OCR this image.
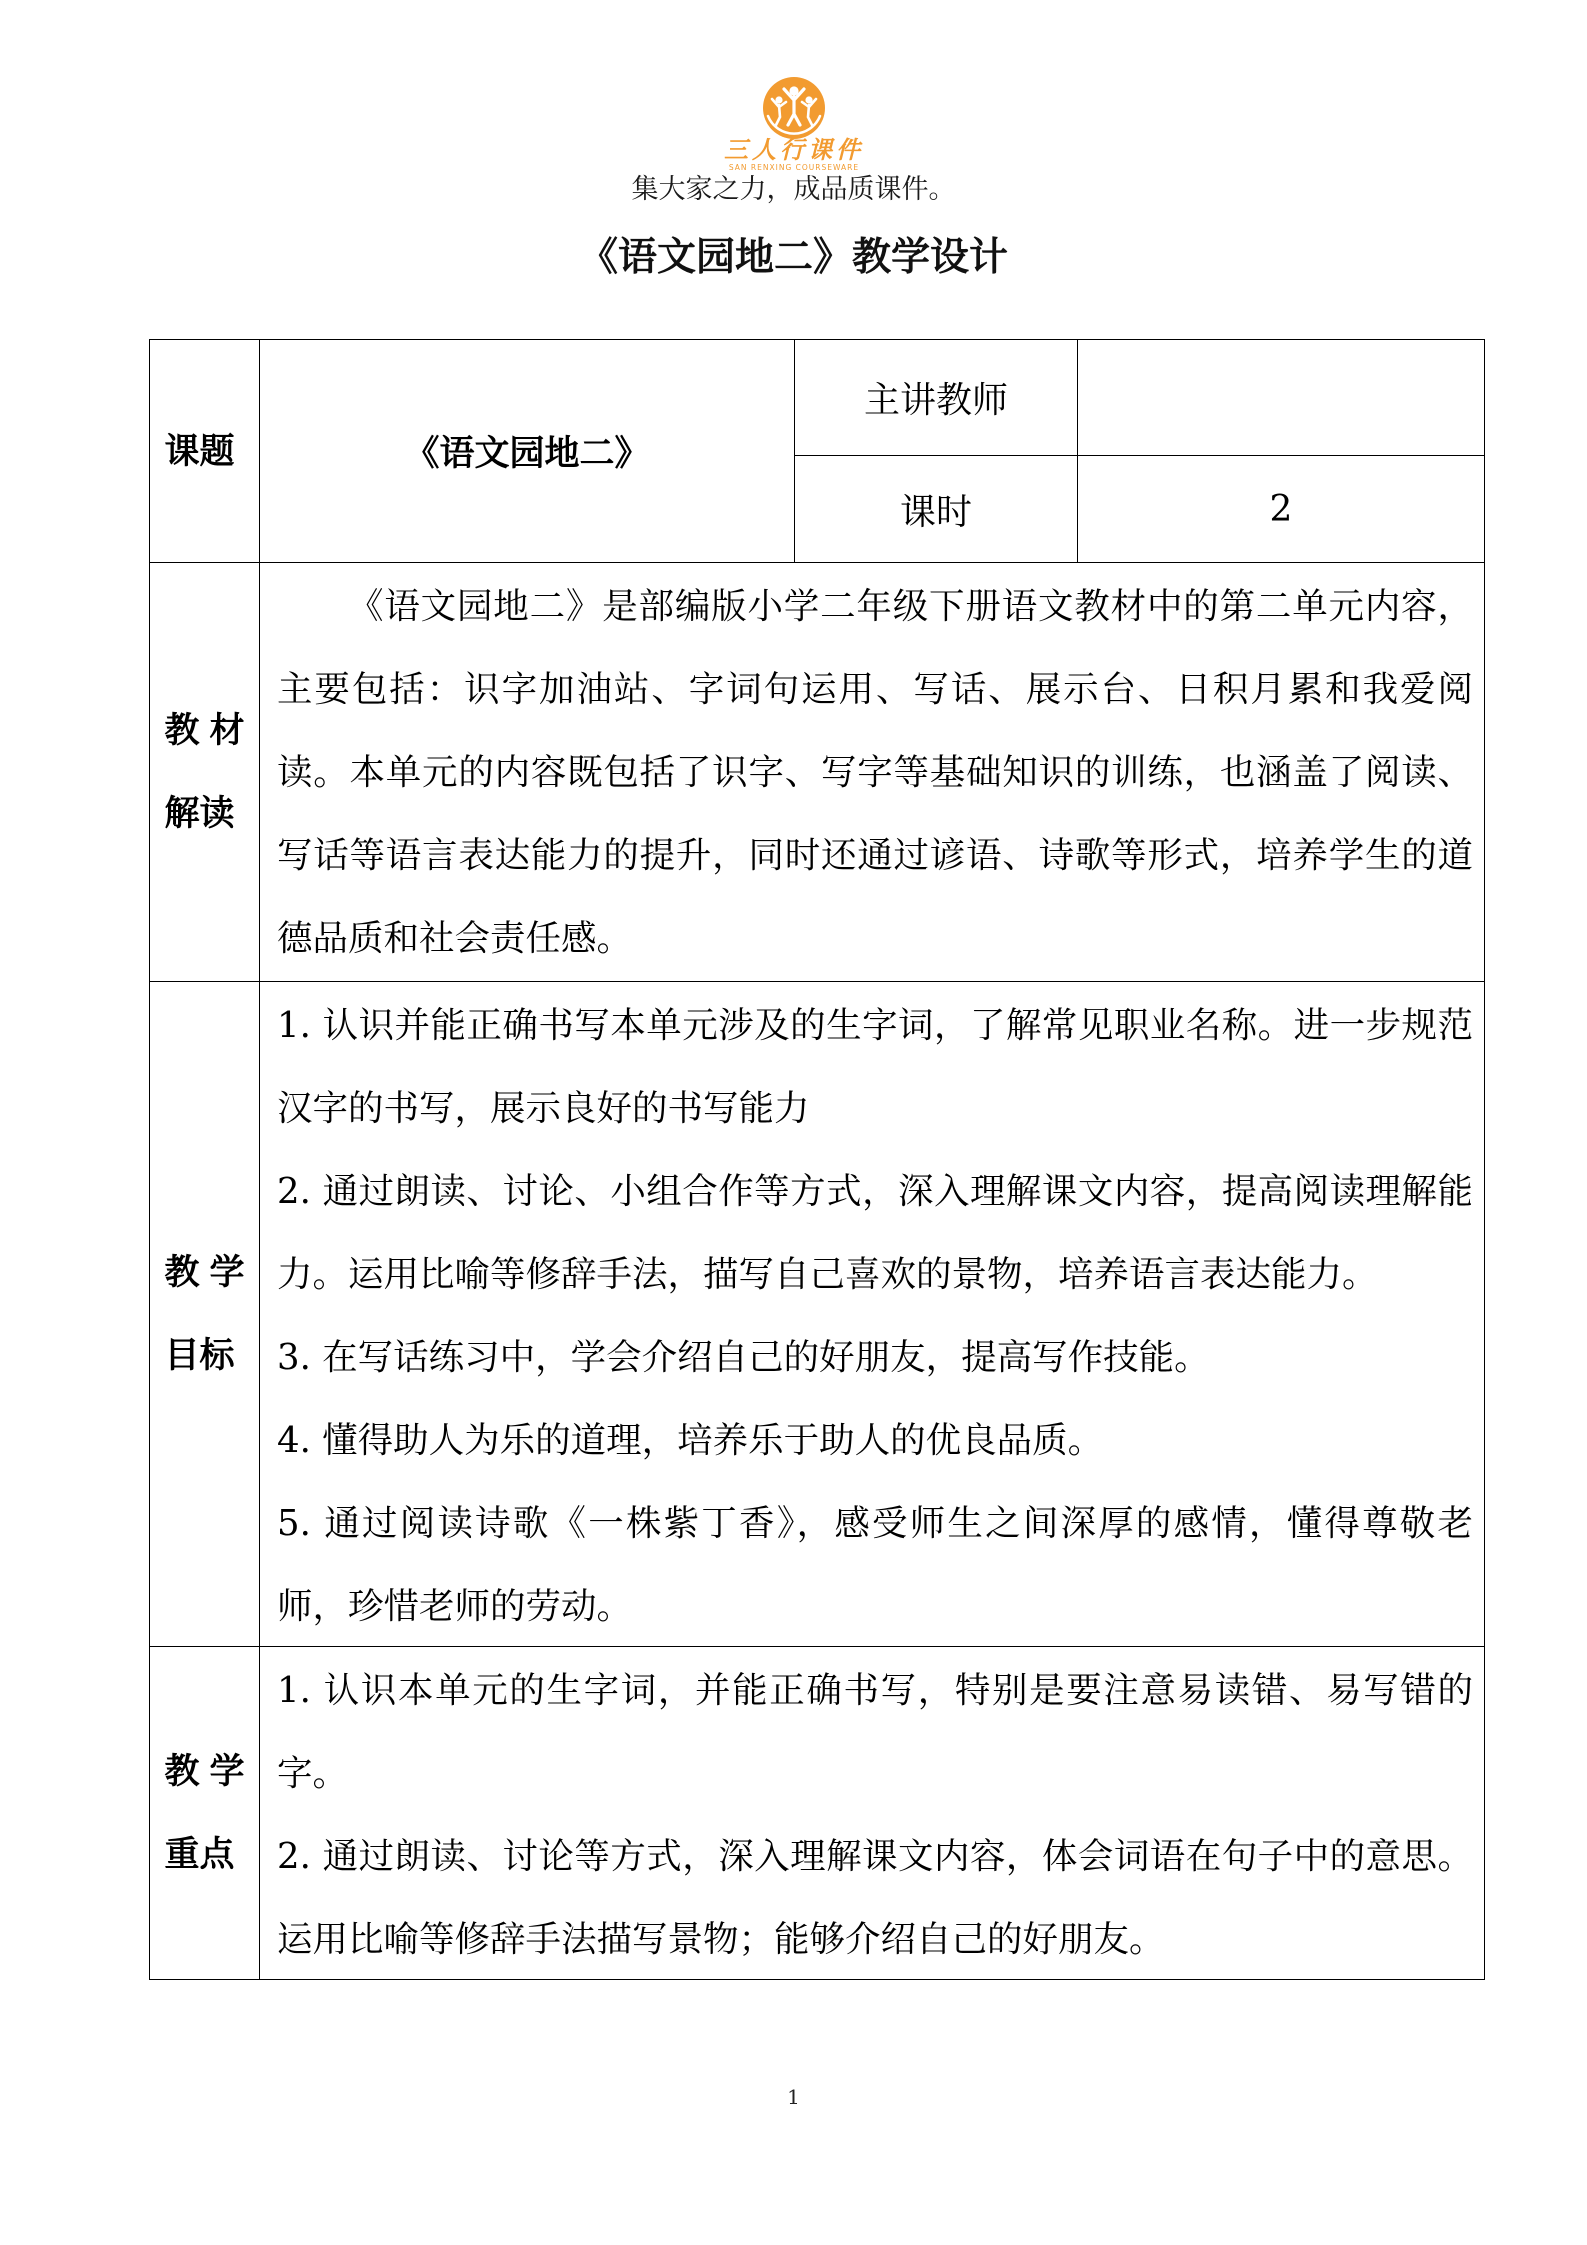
三人行课件
SAN RENXING COURSEWARE
集大家之力，成品质课件。
《语文园地二》教学设计
课题	《语文园地二》	主讲教师	
		课时	2

教材解读	《语文园地二》是部编版小学二年级下册语文教材中的第二单元内容，主要包括：识字加油站、字词句运用、写话、展示台、日积月累和我爱阅读。本单元的内容既包括了识字、写字等基础知识的训练，也涵盖了阅读、写话等语言表达能力的提升，同时还通过谚语、诗歌等形式，培养学生的道德品质和社会责任感。		

教学目标	1. 认识并能正确书写本单元涉及的生字词，了解常见职业名称。进一步规范汉字的书写，展示良好的书写能力

2. 通过朗读、讨论、小组合作等方式，深入理解课文内容，提高阅读理解能力。运用比喻等修辞手法，描写自己喜欢的景物，培养语言表达能力。

3. 在写话练习中，学会介绍自己的好朋友，提高写作技能。

4. 懂得助人为乐的道理，培养乐于助人的优良品质。

5. 通过阅读诗歌《一株紫丁香》，感受师生之间深厚的感情，懂得尊敬老师，珍惜老师的劳动。		

教学重点	1. 认识本单元的生字词，并能正确书写，特别是要注意易读错、易写错的字。

2. 通过朗读、讨论等方式，深入理解课文内容，体会词语在句子中的意思。运用比喻等修辞手法描写景物；能够介绍自己的好朋友。		

1
